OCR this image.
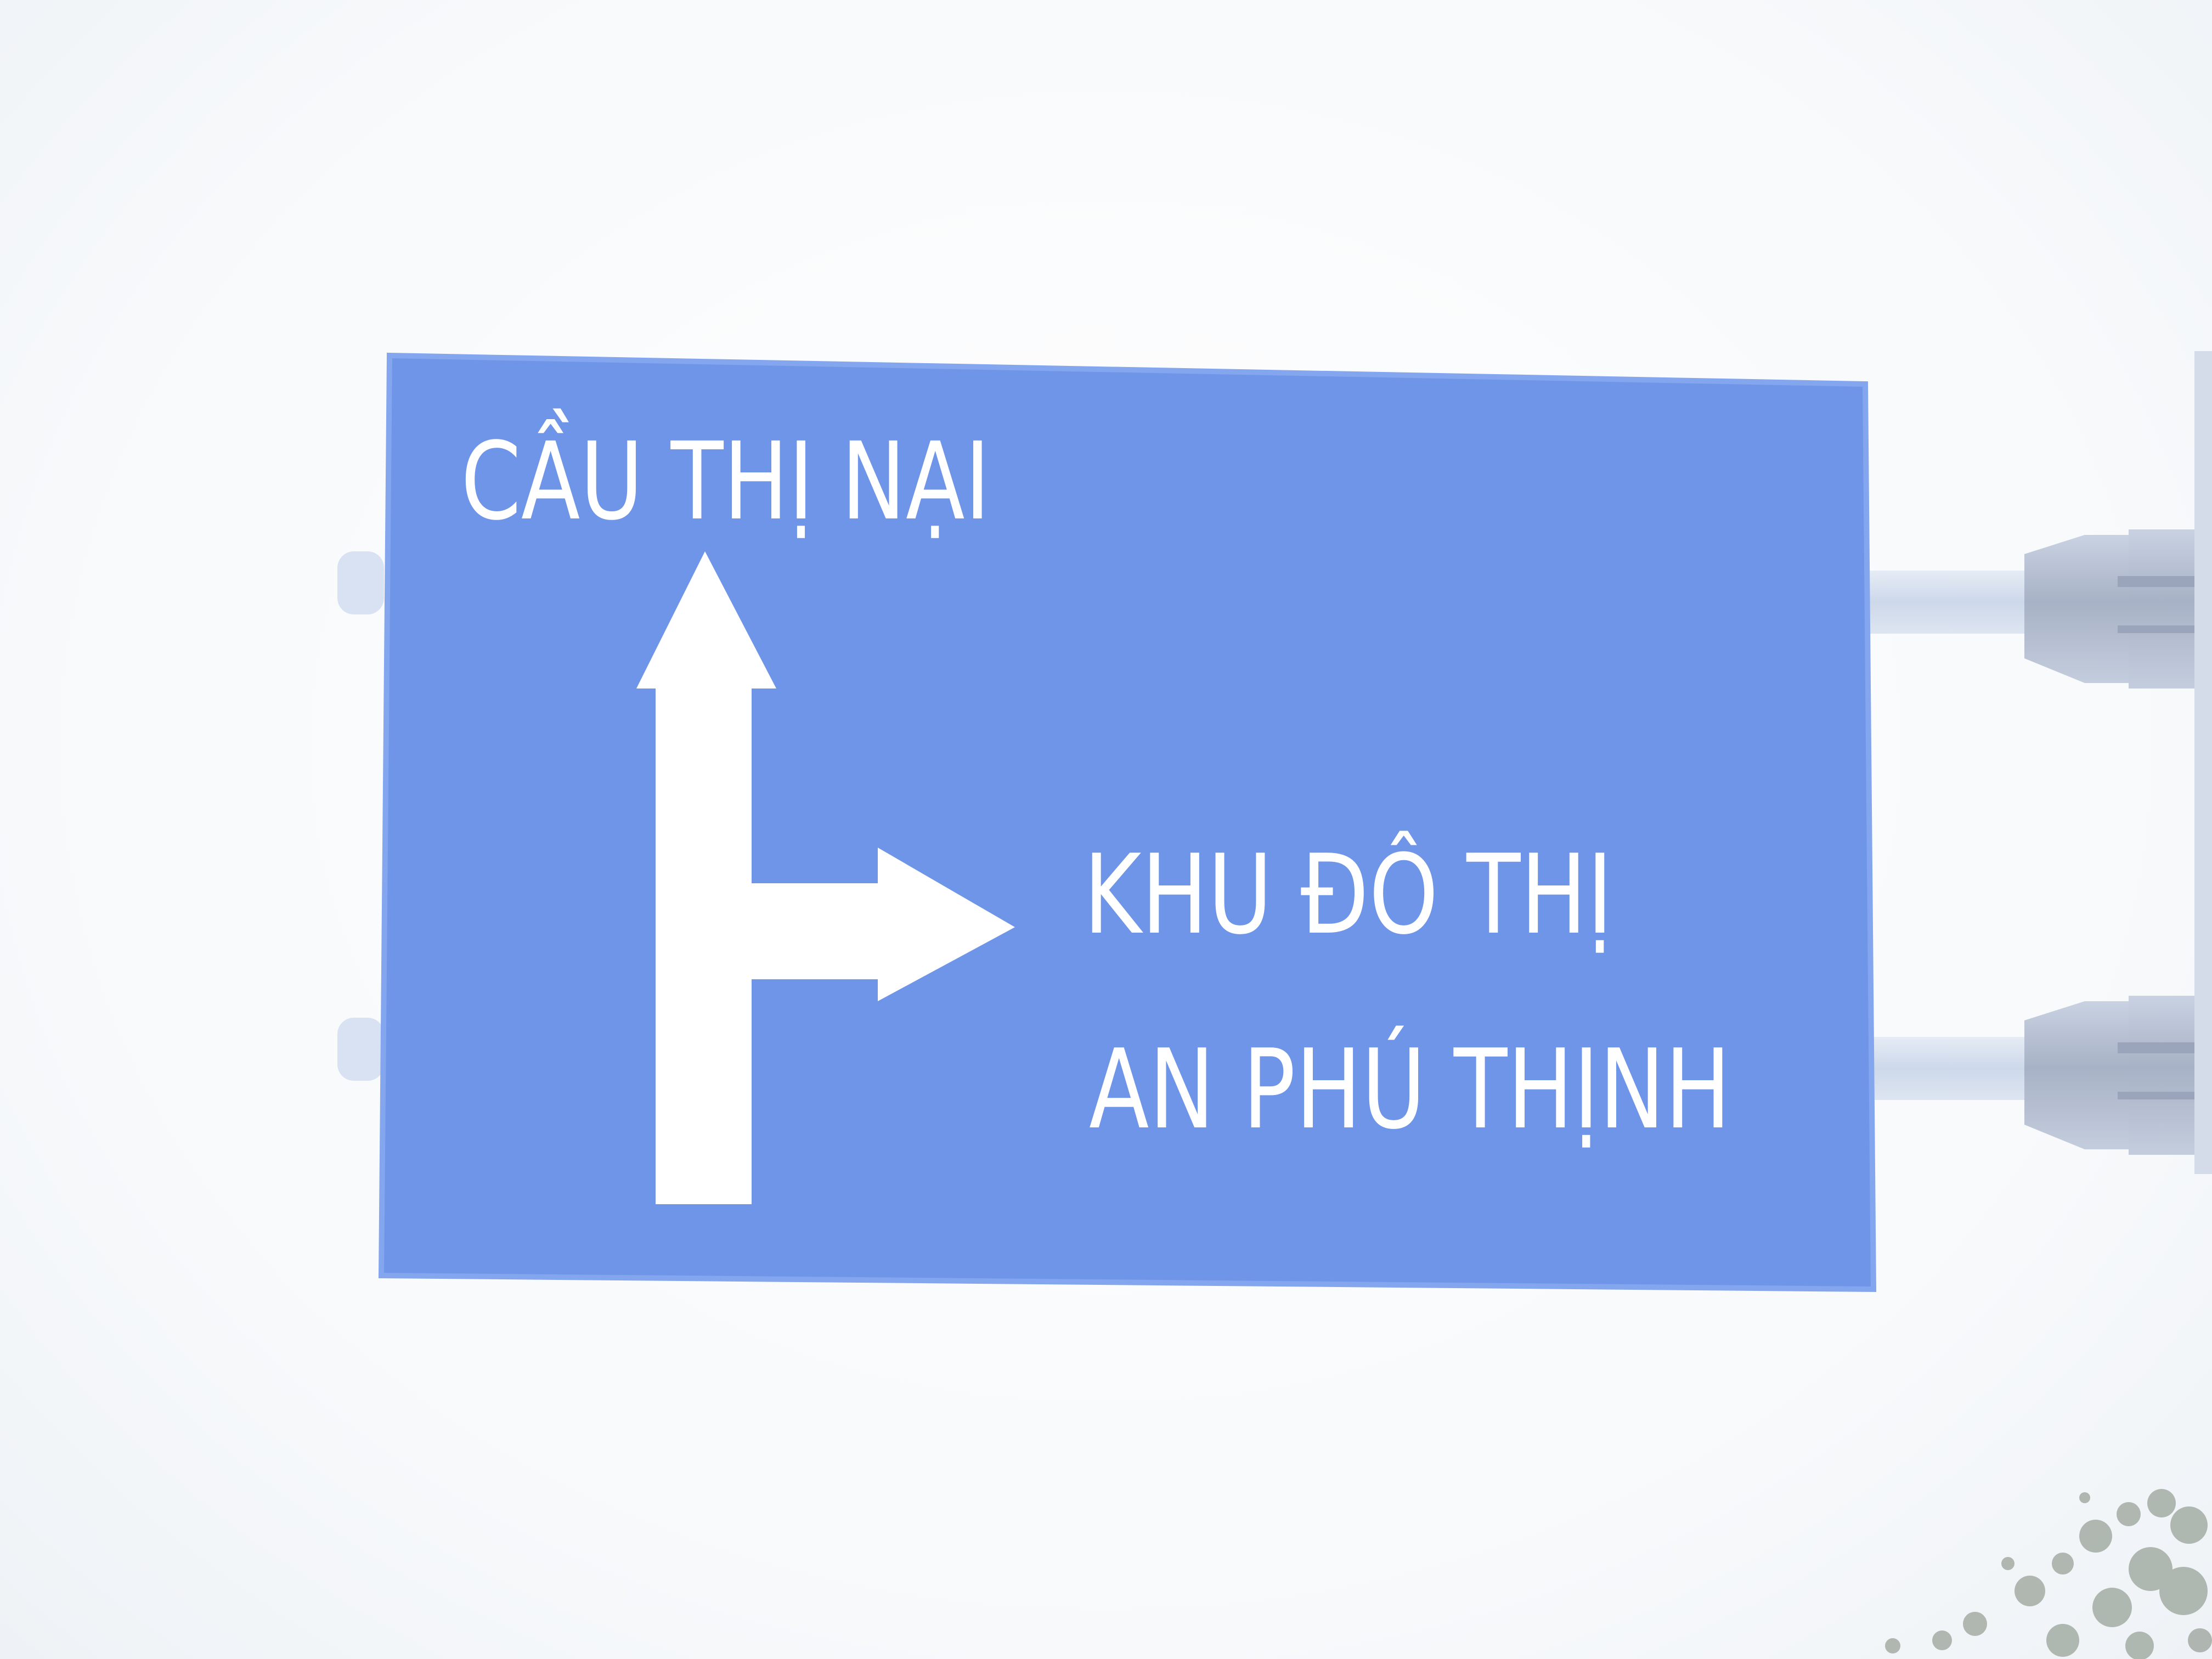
CẦU THỊ NẠI
KHU ĐÔ THỊ
AN PHÚ THỊNH
